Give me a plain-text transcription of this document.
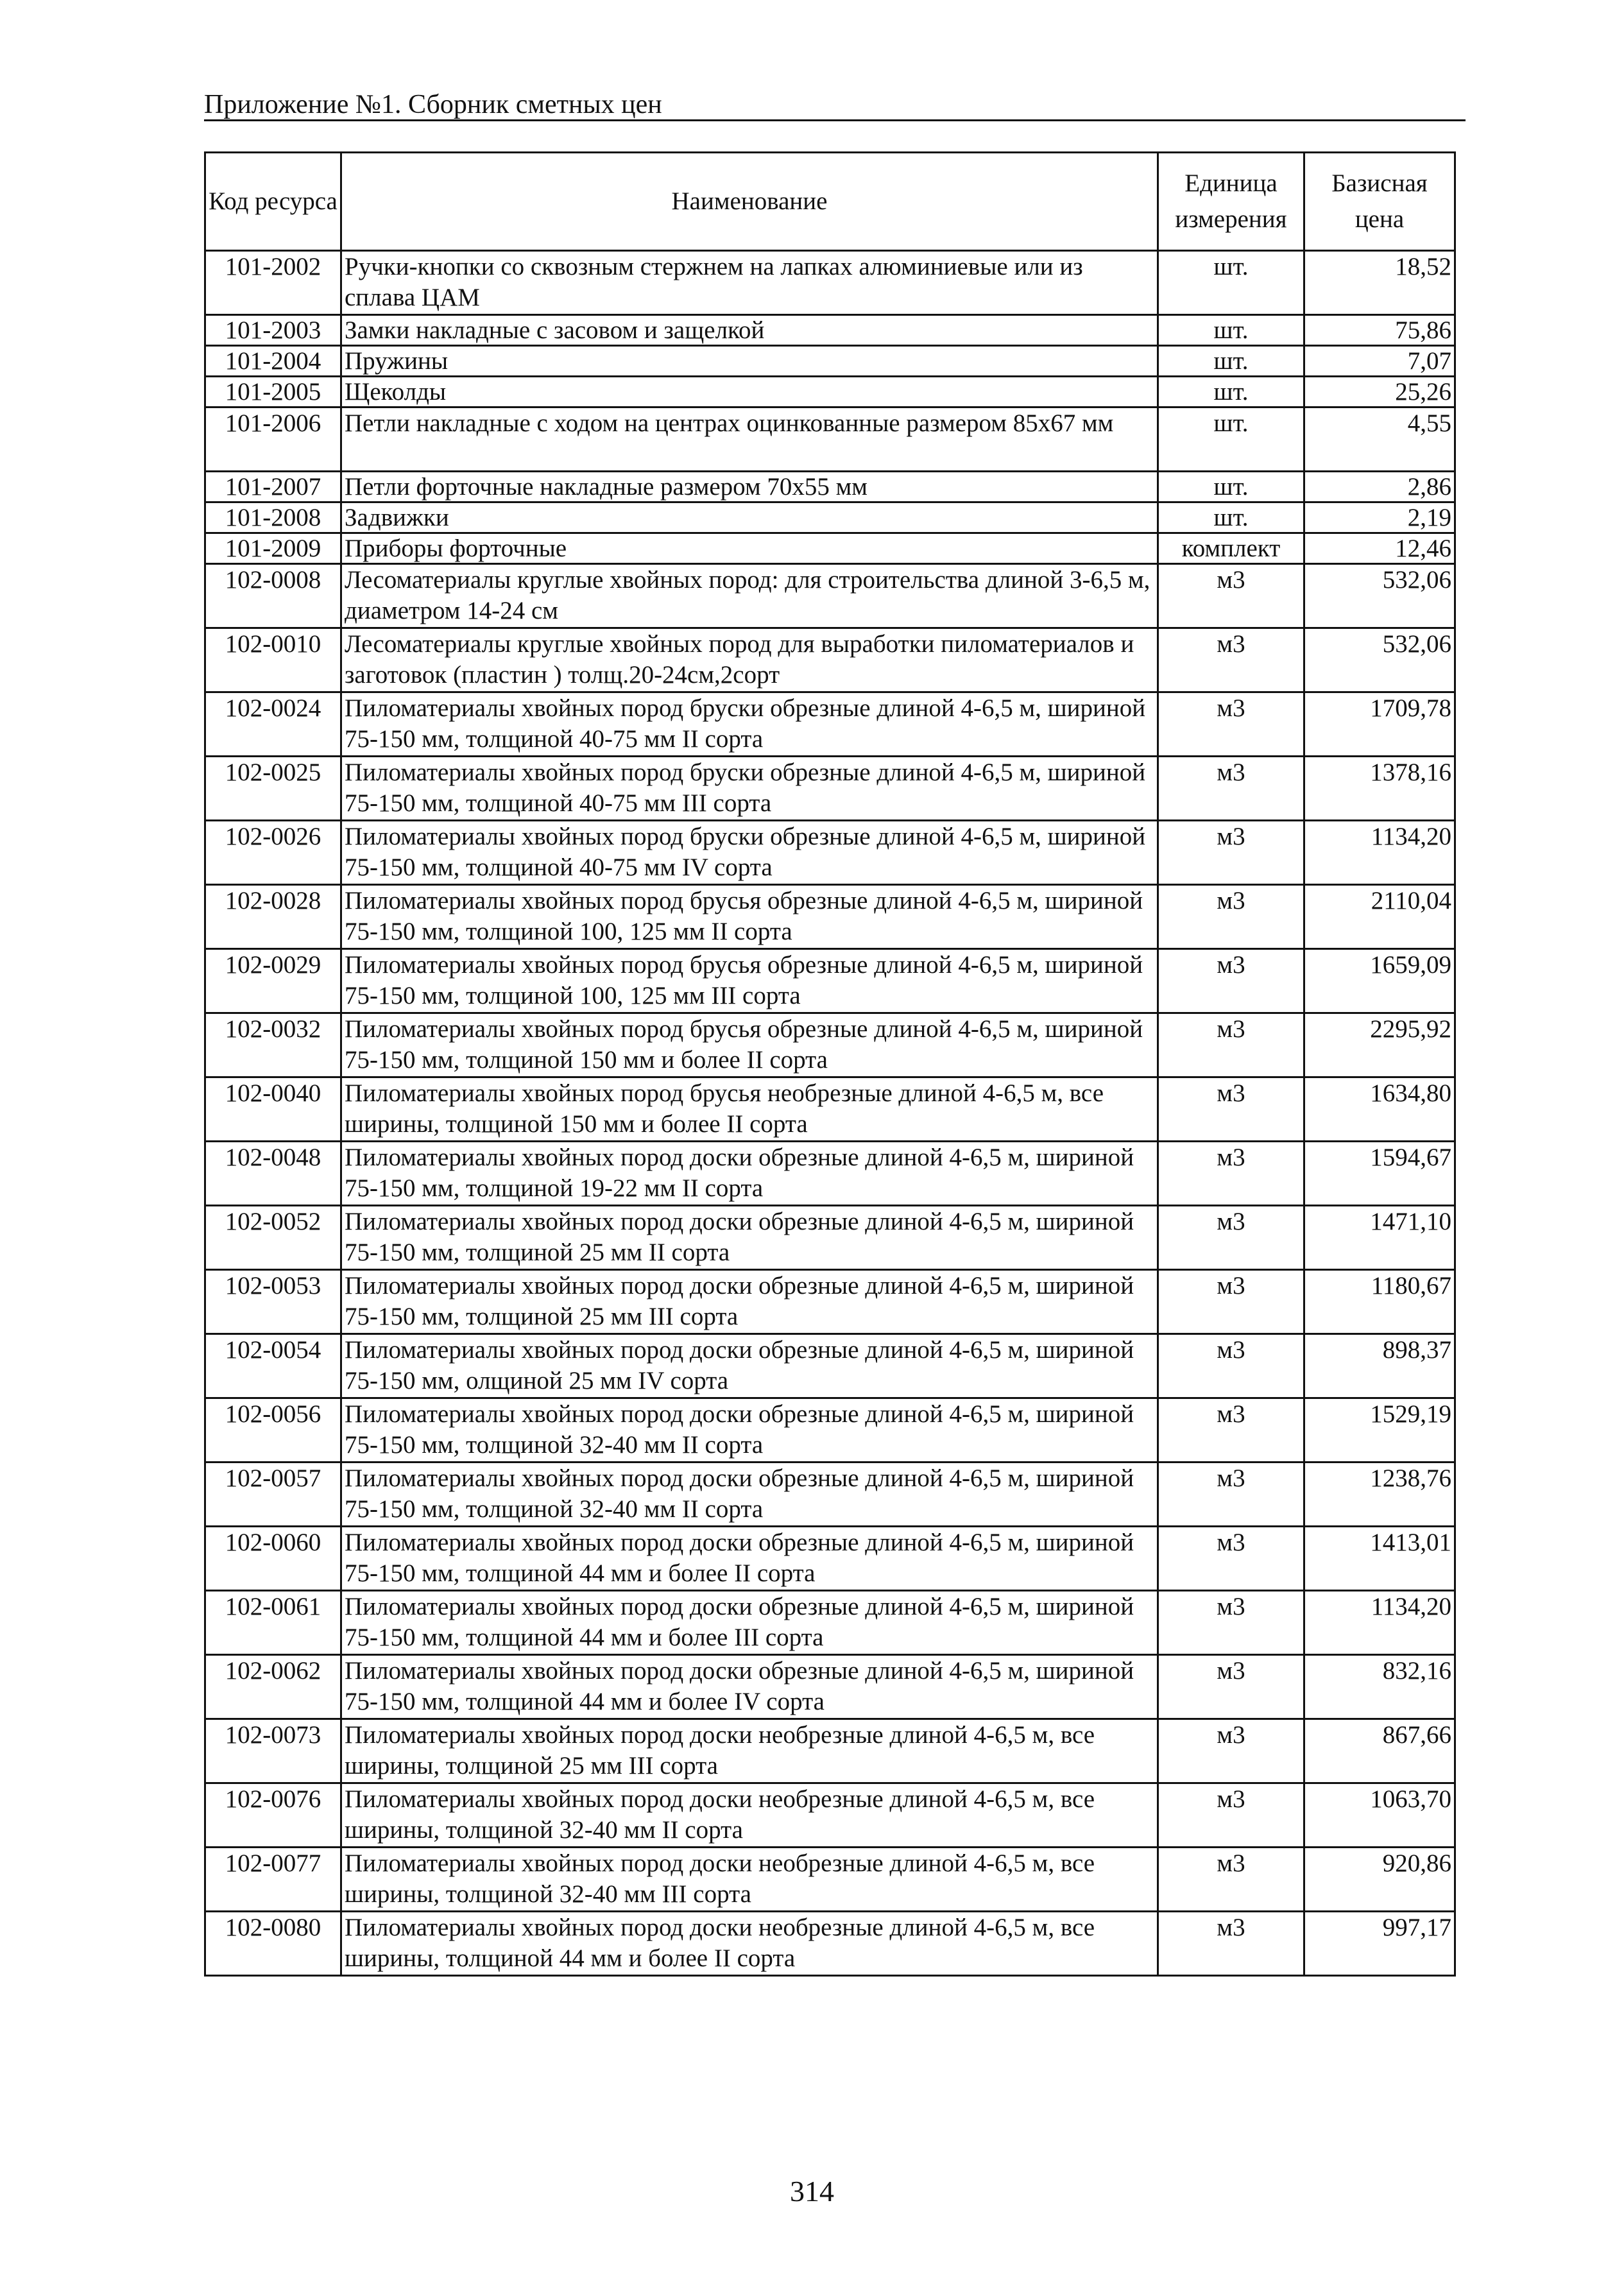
Приложение №1. Сборник сметных цен
Код ресурса	Наименование	Единица измерения	Базисная цена
101-2002	Ручки-кнопки со сквозным стержнем на лапках алюминиевые или из сплава ЦАМ	шт.	18,52
101-2003	Замки накладные с засовом и защелкой	шт.	75,86
101-2004	Пружины	шт.	7,07
101-2005	Щеколды	шт.	25,26
101-2006	Петли накладные с ходом на центрах оцинкованные размером 85х67 мм	шт.	4,55
101-2007	Петли форточные накладные размером 70х55 мм	шт.	2,86
101-2008	Задвижки	шт.	2,19
101-2009	Приборы форточные	комплект	12,46
102-0008	Лесоматериалы круглые хвойных пород: для строительства длиной 3-6,5 м, диаметром 14-24 см	м3	532,06
102-0010	Лесоматериалы круглые хвойных пород для выработки пиломатериалов и заготовок (пластин ) толщ.20-24см,2сорт	м3	532,06
102-0024	Пиломатериалы хвойных пород бруски обрезные длиной 4-6,5 м, шириной 75-150 мм, толщиной 40-75 мм II сорта	м3	1709,78
102-0025	Пиломатериалы хвойных пород бруски обрезные длиной 4-6,5 м, шириной 75-150 мм, толщиной 40-75 мм III сорта	м3	1378,16
102-0026	Пиломатериалы хвойных пород бруски обрезные длиной 4-6,5 м, шириной 75-150 мм, толщиной 40-75 мм IV сорта	м3	1134,20
102-0028	Пиломатериалы хвойных пород брусья обрезные длиной 4-6,5 м, шириной 75-150 мм, толщиной 100, 125 мм II сорта	м3	2110,04
102-0029	Пиломатериалы хвойных пород брусья обрезные длиной 4-6,5 м, шириной 75-150 мм, толщиной 100, 125 мм III сорта	м3	1659,09
102-0032	Пиломатериалы хвойных пород брусья обрезные длиной 4-6,5 м, шириной 75-150 мм, толщиной 150 мм и более II сорта	м3	2295,92
102-0040	Пиломатериалы хвойных пород брусья необрезные длиной 4-6,5 м, все ширины, толщиной 150 мм и более II сорта	м3	1634,80
102-0048	Пиломатериалы хвойных пород доски обрезные длиной 4-6,5 м, шириной 75-150 мм, толщиной 19-22 мм II сорта	м3	1594,67
102-0052	Пиломатериалы хвойных пород доски обрезные длиной 4-6,5 м, шириной 75-150 мм, толщиной 25 мм II сорта	м3	1471,10
102-0053	Пиломатериалы хвойных пород доски обрезные длиной 4-6,5 м, шириной 75-150 мм, толщиной 25 мм III сорта	м3	1180,67
102-0054	Пиломатериалы хвойных пород доски обрезные длиной 4-6,5 м, шириной 75-150 мм, олщиной 25 мм IV сорта	м3	898,37
102-0056	Пиломатериалы хвойных пород доски обрезные длиной 4-6,5 м, шириной 75-150 мм, толщиной 32-40 мм II сорта	м3	1529,19
102-0057	Пиломатериалы хвойных пород доски обрезные длиной 4-6,5 м, шириной 75-150 мм, толщиной 32-40 мм II сорта	м3	1238,76
102-0060	Пиломатериалы хвойных пород доски обрезные длиной 4-6,5 м, шириной 75-150 мм, толщиной 44 мм и более II сорта	м3	1413,01
102-0061	Пиломатериалы хвойных пород доски обрезные длиной 4-6,5 м, шириной 75-150 мм, толщиной 44 мм и более III сорта	м3	1134,20
102-0062	Пиломатериалы хвойных пород доски обрезные длиной 4-6,5 м, шириной 75-150 мм, толщиной 44 мм и более IV сорта	м3	832,16
102-0073	Пиломатериалы хвойных пород доски необрезные длиной 4-6,5 м, все ширины, толщиной 25 мм III сорта	м3	867,66
102-0076	Пиломатериалы хвойных пород доски необрезные длиной 4-6,5 м, все ширины, толщиной 32-40 мм II сорта	м3	1063,70
102-0077	Пиломатериалы хвойных пород доски необрезные длиной 4-6,5 м, все ширины, толщиной 32-40 мм III сорта	м3	920,86
102-0080	Пиломатериалы хвойных пород доски необрезные длиной 4-6,5 м, все ширины, толщиной 44 мм и более II сорта	м3	997,17
314
